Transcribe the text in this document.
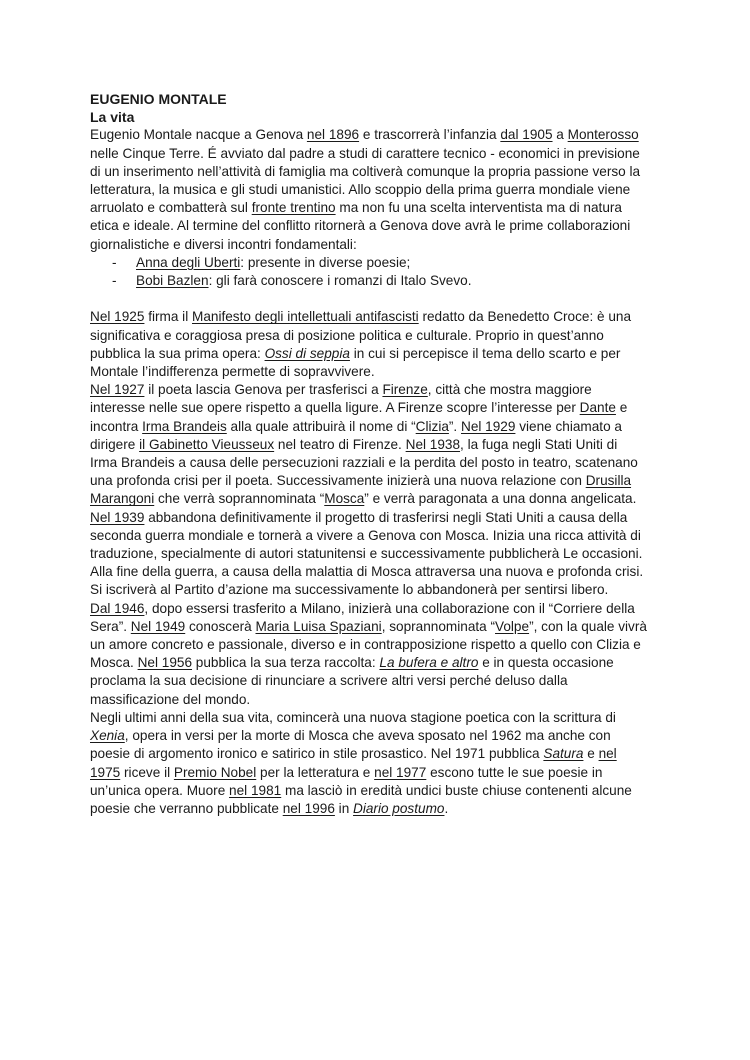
EUGENIO MONTALE
La vita
Eugenio Montale nacque a Genova nel 1896 e trascorrerà l’infanzia dal 1905 a Monterosso
nelle Cinque Terre. É avviato dal padre a studi di carattere tecnico - economici in previsione
di un inserimento nell’attività di famiglia ma coltiverà comunque la propria passione verso la
letteratura, la musica e gli studi umanistici. Allo scoppio della prima guerra mondiale viene
arruolato e combatterà sul fronte trentino ma non fu una scelta interventista ma di natura
etica e ideale. Al termine del conflitto ritornerà a Genova dove avrà le prime collaborazioni
giornalistiche e diversi incontri fondamentali:
- Anna degli Uberti: presente in diverse poesie;
- Bobi Bazlen: gli farà conoscere i romanzi di Italo Svevo.
Nel 1925 firma il Manifesto degli intellettuali antifascisti redatto da Benedetto Croce: è una
significativa e coraggiosa presa di posizione politica e culturale. Proprio in quest’anno
pubblica la sua prima opera: Ossi di seppia in cui si percepisce il tema dello scarto e per
Montale l’indifferenza permette di sopravvivere.
Nel 1927 il poeta lascia Genova per trasferisci a Firenze, città che mostra maggiore
interesse nelle sue opere rispetto a quella ligure. A Firenze scopre l’interesse per Dante e
incontra Irma Brandeis alla quale attribuirà il nome di “Clizia”. Nel 1929 viene chiamato a
dirigere il Gabinetto Vieusseux nel teatro di Firenze. Nel 1938, la fuga negli Stati Uniti di
Irma Brandeis a causa delle persecuzioni razziali e la perdita del posto in teatro, scatenano
una profonda crisi per il poeta. Successivamente inizierà una nuova relazione con Drusilla
Marangoni che verrà soprannominata “Mosca” e verrà paragonata a una donna angelicata.
Nel 1939 abbandona definitivamente il progetto di trasferirsi negli Stati Uniti a causa della
seconda guerra mondiale e tornerà a vivere a Genova con Mosca. Inizia una ricca attività di
traduzione, specialmente di autori statunitensi e successivamente pubblicherà Le occasioni.
Alla fine della guerra, a causa della malattia di Mosca attraversa una nuova e profonda crisi.
Si iscriverà al Partito d’azione ma successivamente lo abbandonerà per sentirsi libero.
Dal 1946, dopo essersi trasferito a Milano, inizierà una collaborazione con il “Corriere della
Sera”. Nel 1949 conoscerà Maria Luisa Spaziani, soprannominata “Volpe”, con la quale vivrà
un amore concreto e passionale, diverso e in contrapposizione rispetto a quello con Clizia e
Mosca. Nel 1956 pubblica la sua terza raccolta: La bufera e altro e in questa occasione
proclama la sua decisione di rinunciare a scrivere altri versi perché deluso dalla
massificazione del mondo.
Negli ultimi anni della sua vita, comincerà una nuova stagione poetica con la scrittura di
Xenia, opera in versi per la morte di Mosca che aveva sposato nel 1962 ma anche con
poesie di argomento ironico e satirico in stile prosastico. Nel 1971 pubblica Satura e nel
1975 riceve il Premio Nobel per la letteratura e nel 1977 escono tutte le sue poesie in
un’unica opera. Muore nel 1981 ma lasciò in eredità undici buste chiuse contenenti alcune
poesie che verranno pubblicate nel 1996 in Diario postumo.
